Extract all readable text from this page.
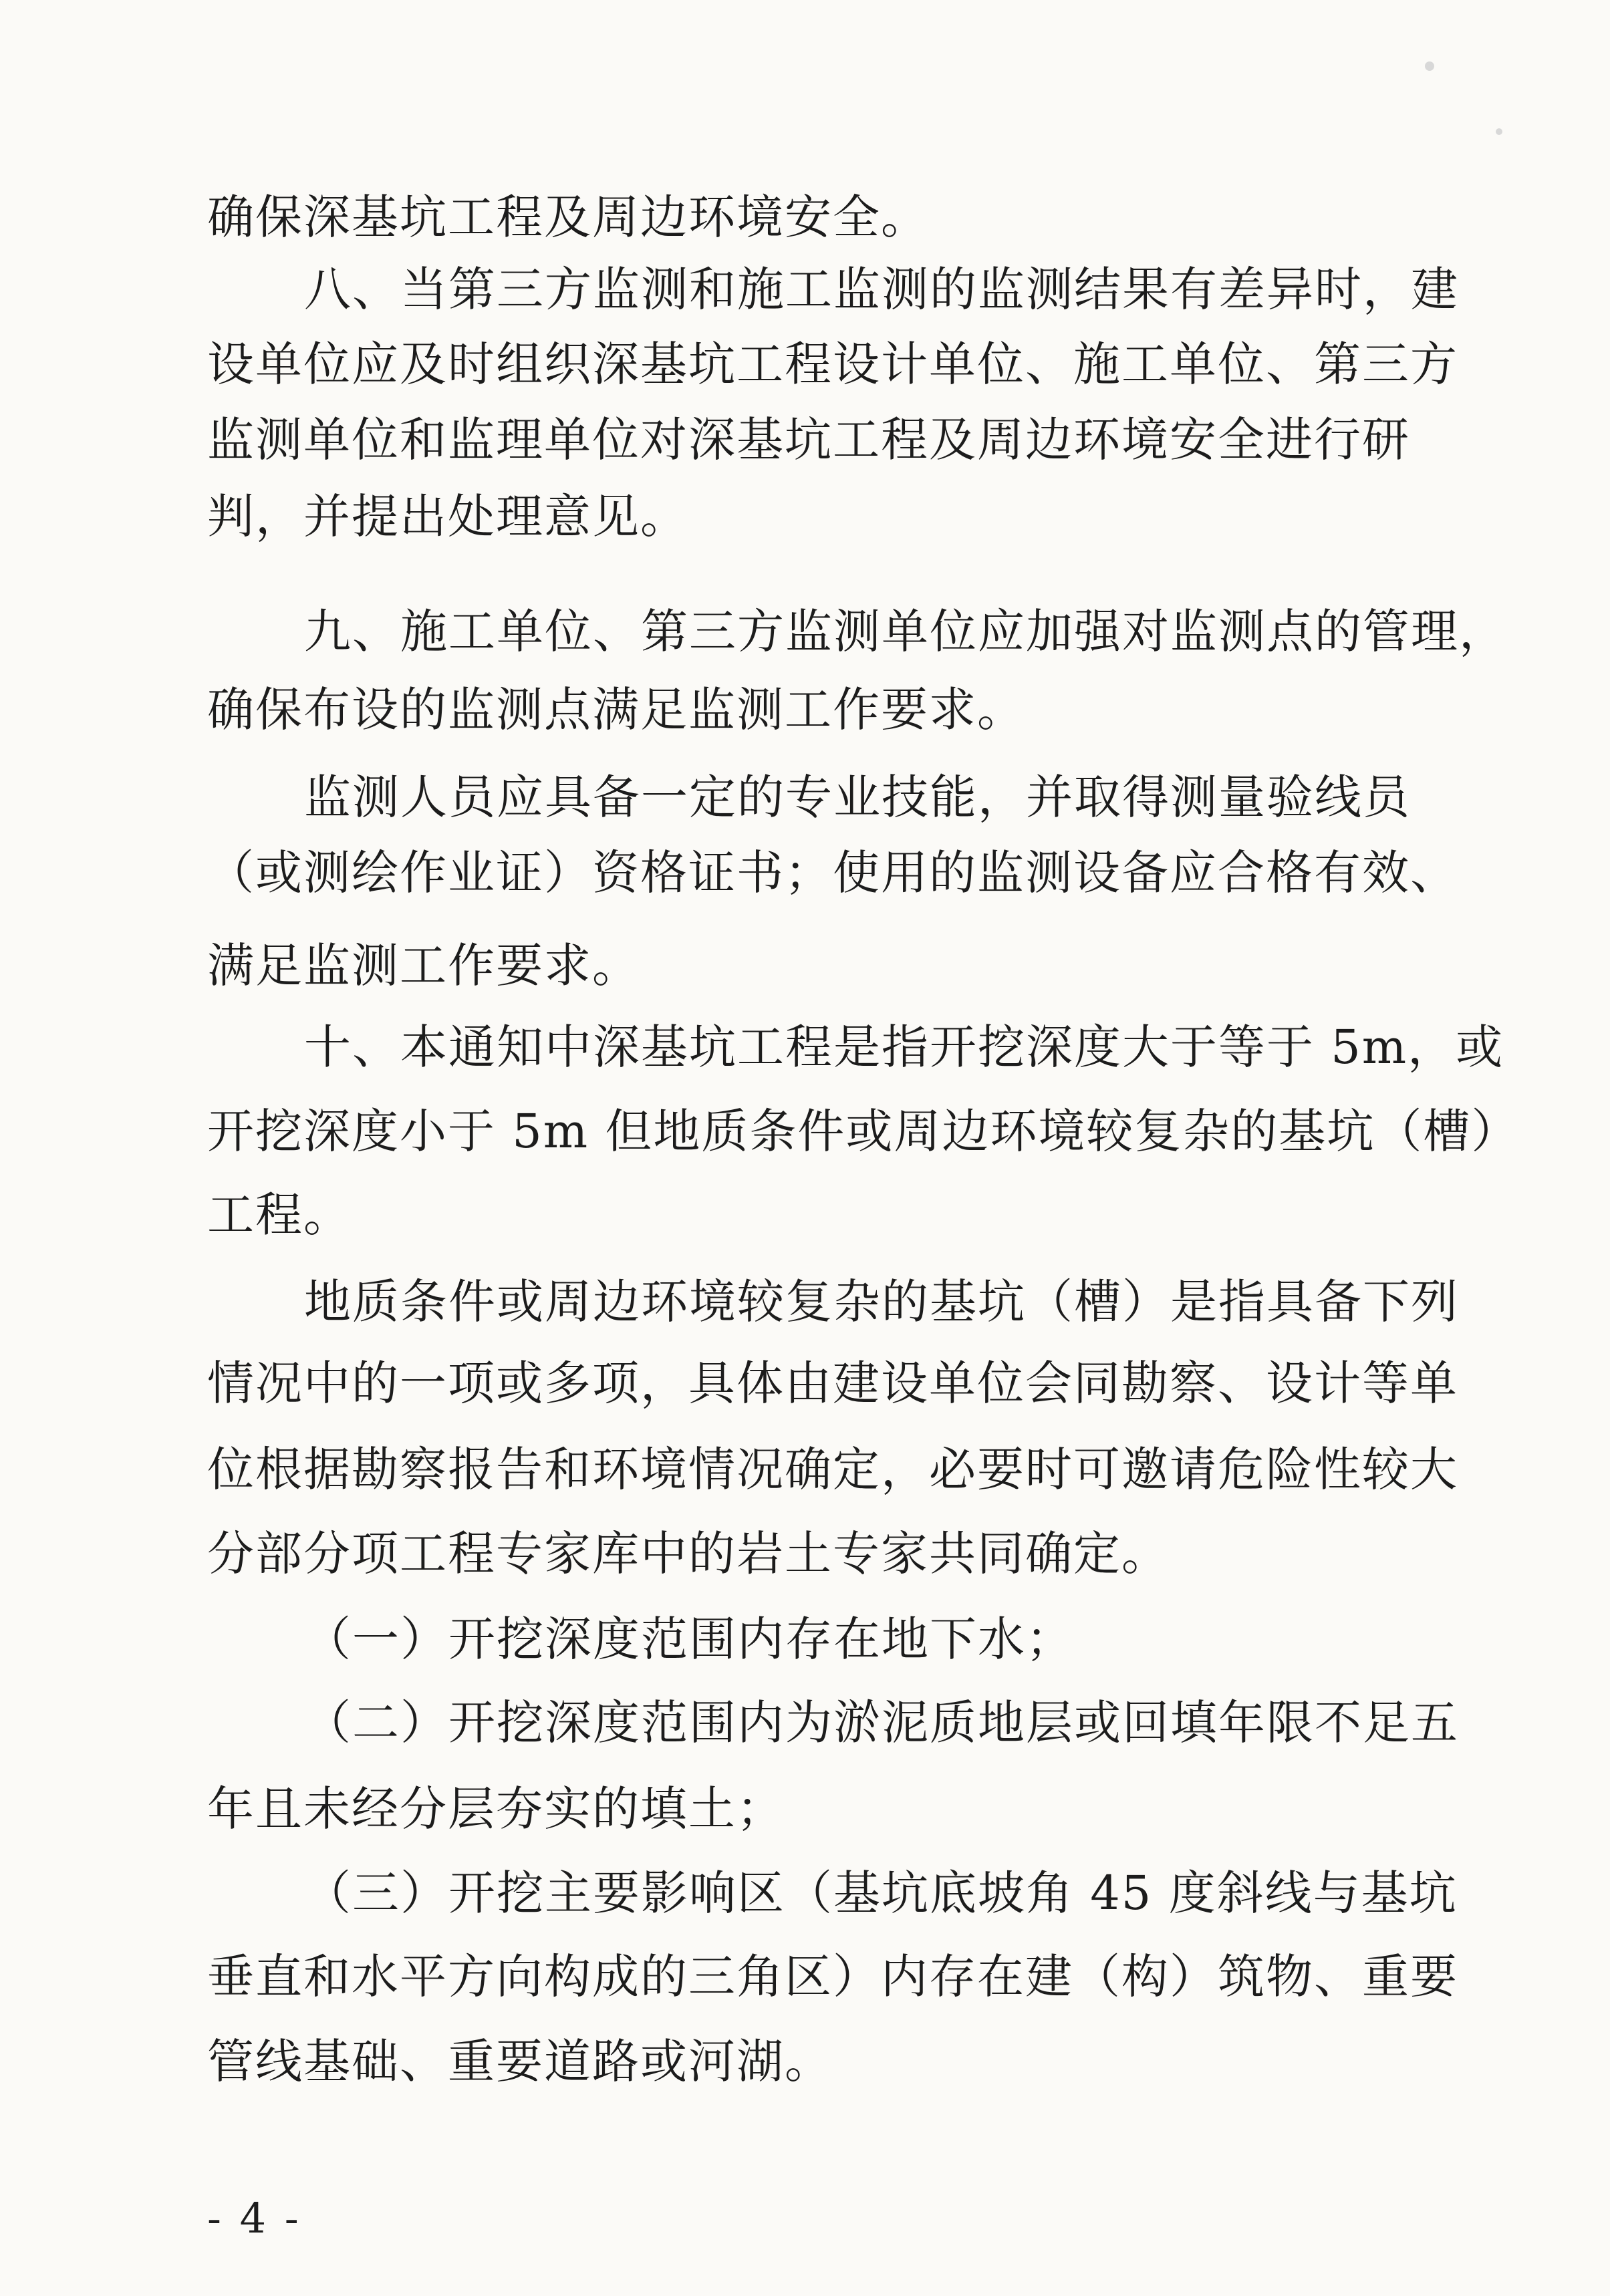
确保深基坑工程及周边环境安全。
八、当第三方监测和施工监测的监测结果有差异时，建
设单位应及时组织深基坑工程设计单位、施工单位、第三方
监测单位和监理单位对深基坑工程及周边环境安全进行研
判，并提出处理意见。
九、施工单位、第三方监测单位应加强对监测点的管理，
确保布设的监测点满足监测工作要求。
监测人员应具备一定的专业技能，并取得测量验线员
（或测绘作业证）资格证书；使用的监测设备应合格有效、
满足监测工作要求。
十、本通知中深基坑工程是指开挖深度大于等于 5m，或
开挖深度小于 5m 但地质条件或周边环境较复杂的基坑（槽）
工程。
地质条件或周边环境较复杂的基坑（槽）是指具备下列
情况中的一项或多项，具体由建设单位会同勘察、设计等单
位根据勘察报告和环境情况确定，必要时可邀请危险性较大
分部分项工程专家库中的岩土专家共同确定。
（一）开挖深度范围内存在地下水；
（二）开挖深度范围内为淤泥质地层或回填年限不足五
年且未经分层夯实的填土；
（三）开挖主要影响区（基坑底坡角 45 度斜线与基坑
垂直和水平方向构成的三角区）内存在建（构）筑物、重要
管线基础、重要道路或河湖。
- 4 -
